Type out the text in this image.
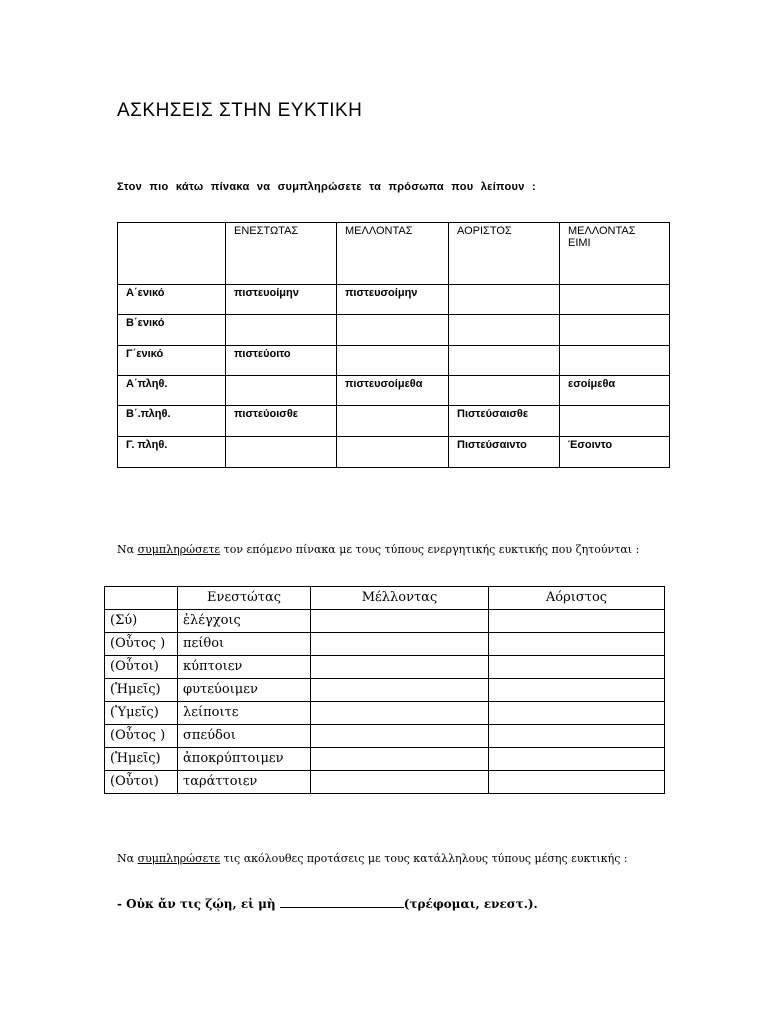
ΑΣΚΗΣΕΙΣ ΣΤΗΝ ΕΥΚΤΙΚΗ
Στον πιο κάτω πίνακα να συμπληρώσετε τα πρόσωπα που λείπουν :
	ΕΝΕΣΤΩΤΑΣ	ΜΕΛΛΟΝΤΑΣ	ΑΟΡΙΣΤΟΣ	ΜΕΛΛΟΝΤΑΣ ΕΙΜΙ
Α΄ενικό	πιστευοίμην	πιστευσοίμην		
Β΄ενικό				
Γ΄ενικό	πιστεύοιτο			
Α΄πληθ.		πιστευσοίμεθα		εσοίμεθα
Β΄.πληθ.	πιστεύοισθε		Πιστεύσαισθε	
Γ. πληθ.			Πιστεύσαιντο	Έσοιντο
Να συμπληρώσετε τον επόμενο πίνακα με τους τύπους ενεργητικής ευκτικής που ζητούνται :
	Ενεστώτας	Μέλλοντας	Αόριστος
(Σύ)	ἐλέγχοις		
(Οὗτος )	πείθοι		
(Οὗτοι)	κύπτοιεν		
(Ἡμεῖς)	φυτεύοιμεν		
(Ὑμεῖς)	λείποιτε		
(Οὗτος )	σπεύδοι		
(Ἡμεῖς)	ἀποκρύπτοιμεν		
(Οὗτοι)	ταράττοιεν		
Να συμπληρώσετε τις ακόλουθες προτάσεις με τους κατάλληλους τύπους μέσης ευκτικής :
- Οὐκ ἄν τις ζῴη, εἰ μὴ	(τρέφομαι, ενεστ.).
